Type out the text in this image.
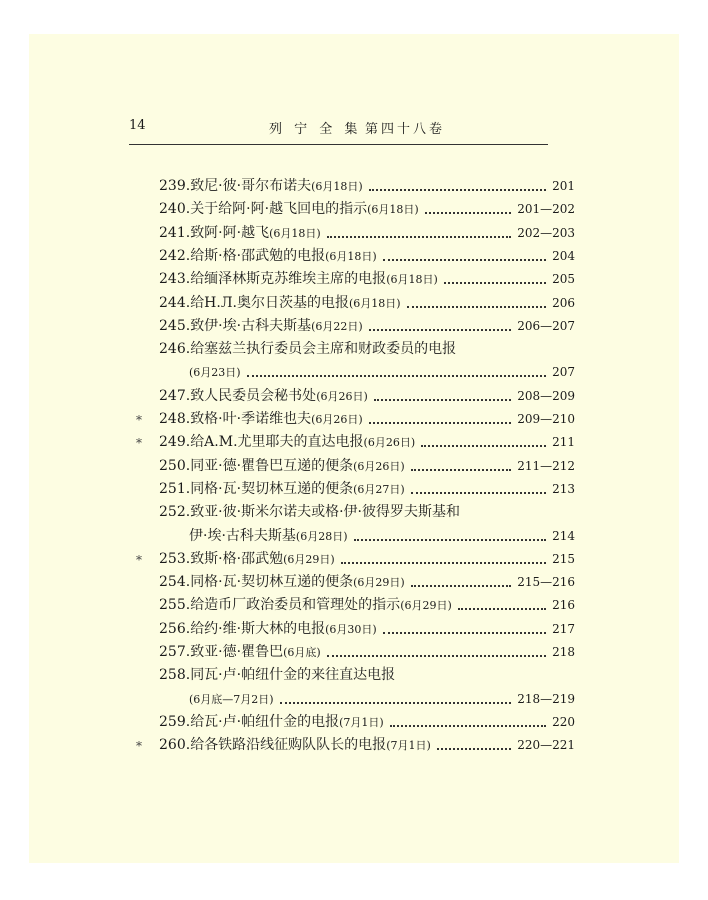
14	列 宁 全 集 第四十八卷
239.致尼·彼·哥尔布诺夫(6月18日)	201
240.关于给阿·阿·越飞回电的指示(6月18日)	201—202
241.致阿·阿·越飞(6月18日)	202—203
242.给斯·格·邵武勉的电报(6月18日)	204
243.给缅泽林斯克苏维埃主席的电报(6月18日)	205
244.给H.Л.奥尔日茨基的电报(6月18日)	206
245.致伊·埃·古科夫斯基(6月22日)	206—207
246.给塞兹兰执行委员会主席和财政委员的电报
(6月23日)	207
247.致人民委员会秘书处(6月26日)	208—209
* 248.致格·叶·季诺维也夫(6月26日)	209—210
* 249.给A.M.尤里耶夫的直达电报(6月26日)	211
250.同亚·德·瞿鲁巴互递的便条(6月26日)	211—212
251.同格·瓦·契切林互递的便条(6月27日)	213
252.致亚·彼·斯米尔诺夫或格·伊·彼得罗夫斯基和
伊·埃·古科夫斯基(6月28日)	214
* 253.致斯·格·邵武勉(6月29日)	215
254.同格·瓦·契切林互递的便条(6月29日)	215—216
255.给造币厂政治委员和管理处的指示(6月29日)	216
256.给约·维·斯大林的电报(6月30日)	217
257.致亚·德·瞿鲁巴(6月底)	218
258.同瓦·卢·帕纽什金的来往直达电报
(6月底—7月2日)	218—219
259.给瓦·卢·帕纽什金的电报(7月1日)	220
* 260.给各铁路沿线征购队队长的电报(7月1日)	220—221
